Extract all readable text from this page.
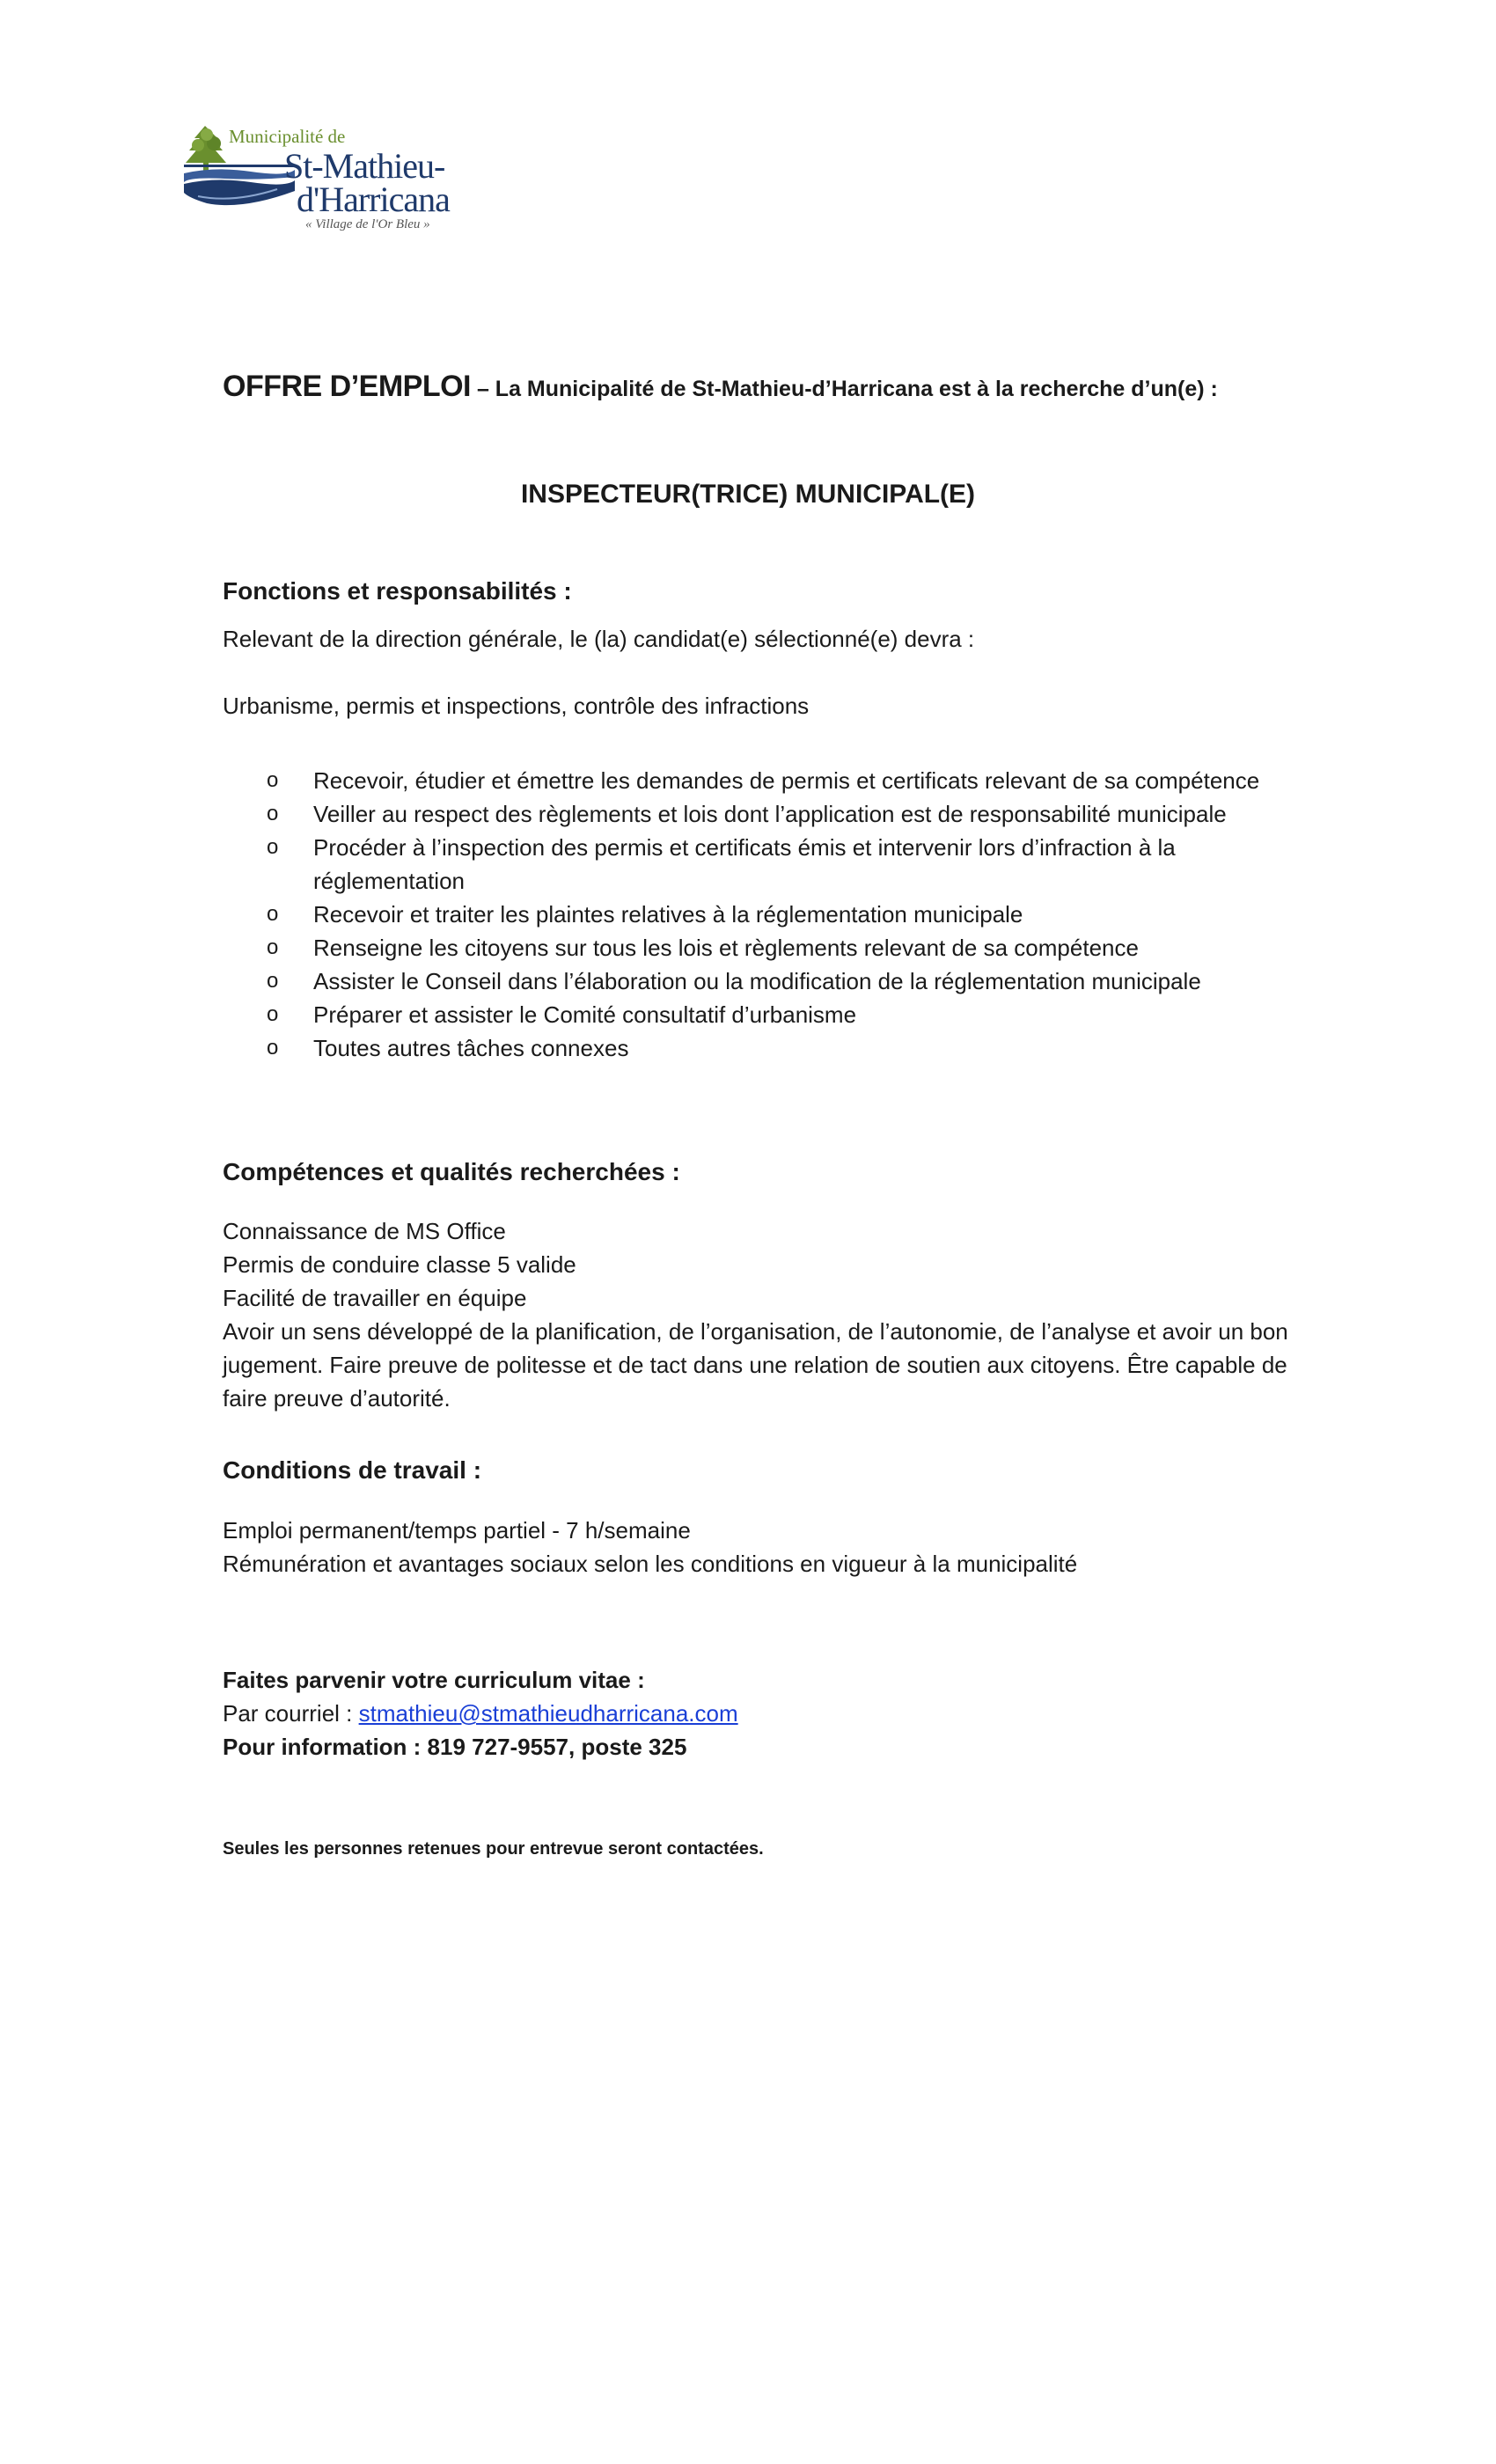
Municipalité de
St-Mathieu-
d'Harricana
« Village de l'Or Bleu »
OFFRE D’EMPLOI – La Municipalité de St-Mathieu-d’Harricana est à la recherche d’un(e) :
INSPECTEUR(TRICE) MUNICIPAL(E)
Fonctions et responsabilités :
Relevant de la direction générale, le (la) candidat(e) sélectionné(e) devra :
Urbanisme, permis et inspections, contrôle des infractions
o Recevoir, étudier et émettre les demandes de permis et certificats relevant de sa compétence
o Veiller au respect des règlements et lois dont l’application est de responsabilité municipale
o Procéder à l’inspection des permis et certificats émis et intervenir lors d’infraction à la réglementation
o Recevoir et traiter les plaintes relatives à la réglementation municipale
o Renseigne les citoyens sur tous les lois et règlements relevant de sa compétence
o Assister le Conseil dans l’élaboration ou la modification de la réglementation municipale
o Préparer et assister le Comité consultatif d’urbanisme
o Toutes autres tâches connexes
Compétences et qualités recherchées :
Connaissance de MS Office
Permis de conduire classe 5 valide
Facilité de travailler en équipe
Avoir un sens développé de la planification, de l’organisation, de l’autonomie, de l’analyse et avoir un bon jugement. Faire preuve de politesse et de tact dans une relation de soutien aux citoyens. Être capable de faire preuve d’autorité.
Conditions de travail :
Emploi permanent/temps partiel - 7 h/semaine
Rémunération et avantages sociaux selon les conditions en vigueur à la municipalité
Faites parvenir votre curriculum vitae :
Par courriel : stmathieu@stmathieudharricana.com
Pour information : 819 727-9557, poste 325
Seules les personnes retenues pour entrevue seront contactées.
